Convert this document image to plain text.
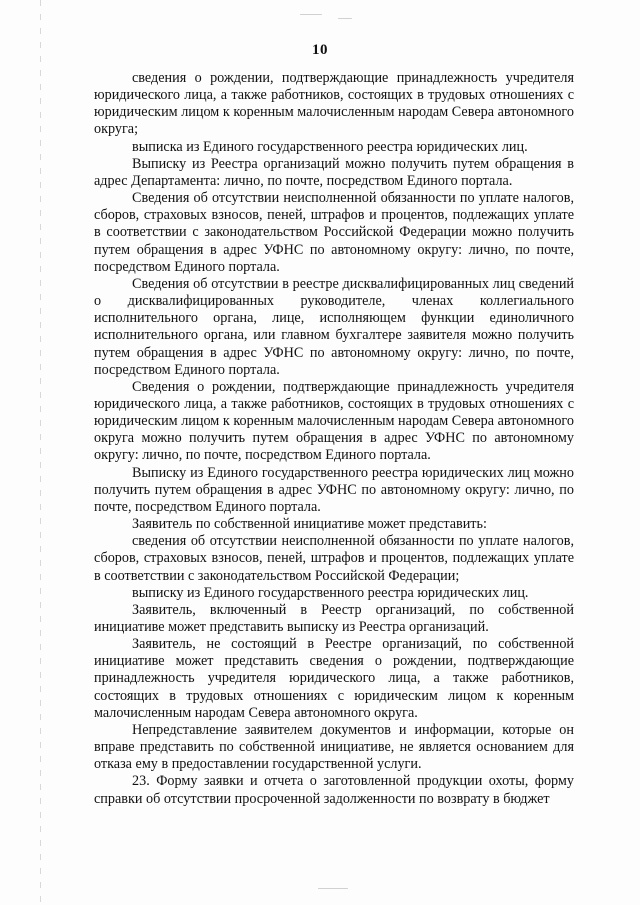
10

сведения о рождении, подтверждающие принадлежность учредителя юридического лица, а также работников, состоящих в трудовых отношениях с юридическим лицом к коренным малочисленным народам Севера автономного округа;

выписка из Единого государственного реестра юридических лиц.

Выписку из Реестра организаций можно получить путем обращения в адрес Департамента: лично, по почте, посредством Единого портала.

Сведения об отсутствии неисполненной обязанности по уплате налогов, сборов, страховых взносов, пеней, штрафов и процентов, подлежащих уплате в соответствии с законодательством Российской Федерации можно получить путем обращения в адрес УФНС по автономному округу: лично, по почте, посредством Единого портала.

Сведения об отсутствии в реестре дисквалифицированных лиц сведений о дисквалифицированных руководителе, членах коллегиального исполнительного органа, лице, исполняющем функции единоличного исполнительного органа, или главном бухгалтере заявителя можно получить путем обращения в адрес УФНС по автономному округу: лично, по почте, посредством Единого портала.

Сведения о рождении, подтверждающие принадлежность учредителя юридического лица, а также работников, состоящих в трудовых отношениях с юридическим лицом к коренным малочисленным народам Севера автономного округа можно получить путем обращения в адрес УФНС по автономному округу: лично, по почте, посредством Единого портала.

Выписку из Единого государственного реестра юридических лиц можно получить путем обращения в адрес УФНС по автономному округу: лично, по почте, посредством Единого портала.

Заявитель по собственной инициативе может представить:

сведения об отсутствии неисполненной обязанности по уплате налогов, сборов, страховых взносов, пеней, штрафов и процентов, подлежащих уплате в соответствии с законодательством Российской Федерации;

выписку из Единого государственного реестра юридических лиц.

Заявитель, включенный в Реестр организаций, по собственной инициативе может представить выписку из Реестра организаций.

Заявитель, не состоящий в Реестре организаций, по собственной инициативе может представить сведения о рождении, подтверждающие принадлежность учредителя юридического лица, а также работников, состоящих в трудовых отношениях с юридическим лицом к коренным малочисленным народам Севера автономного округа.

Непредставление заявителем документов и информации, которые он вправе представить по собственной инициативе, не является основанием для отказа ему в предоставлении государственной услуги.

23. Форму заявки и отчета о заготовленной продукции охоты, форму справки об отсутствии просроченной задолженности по возврату в бюджет
